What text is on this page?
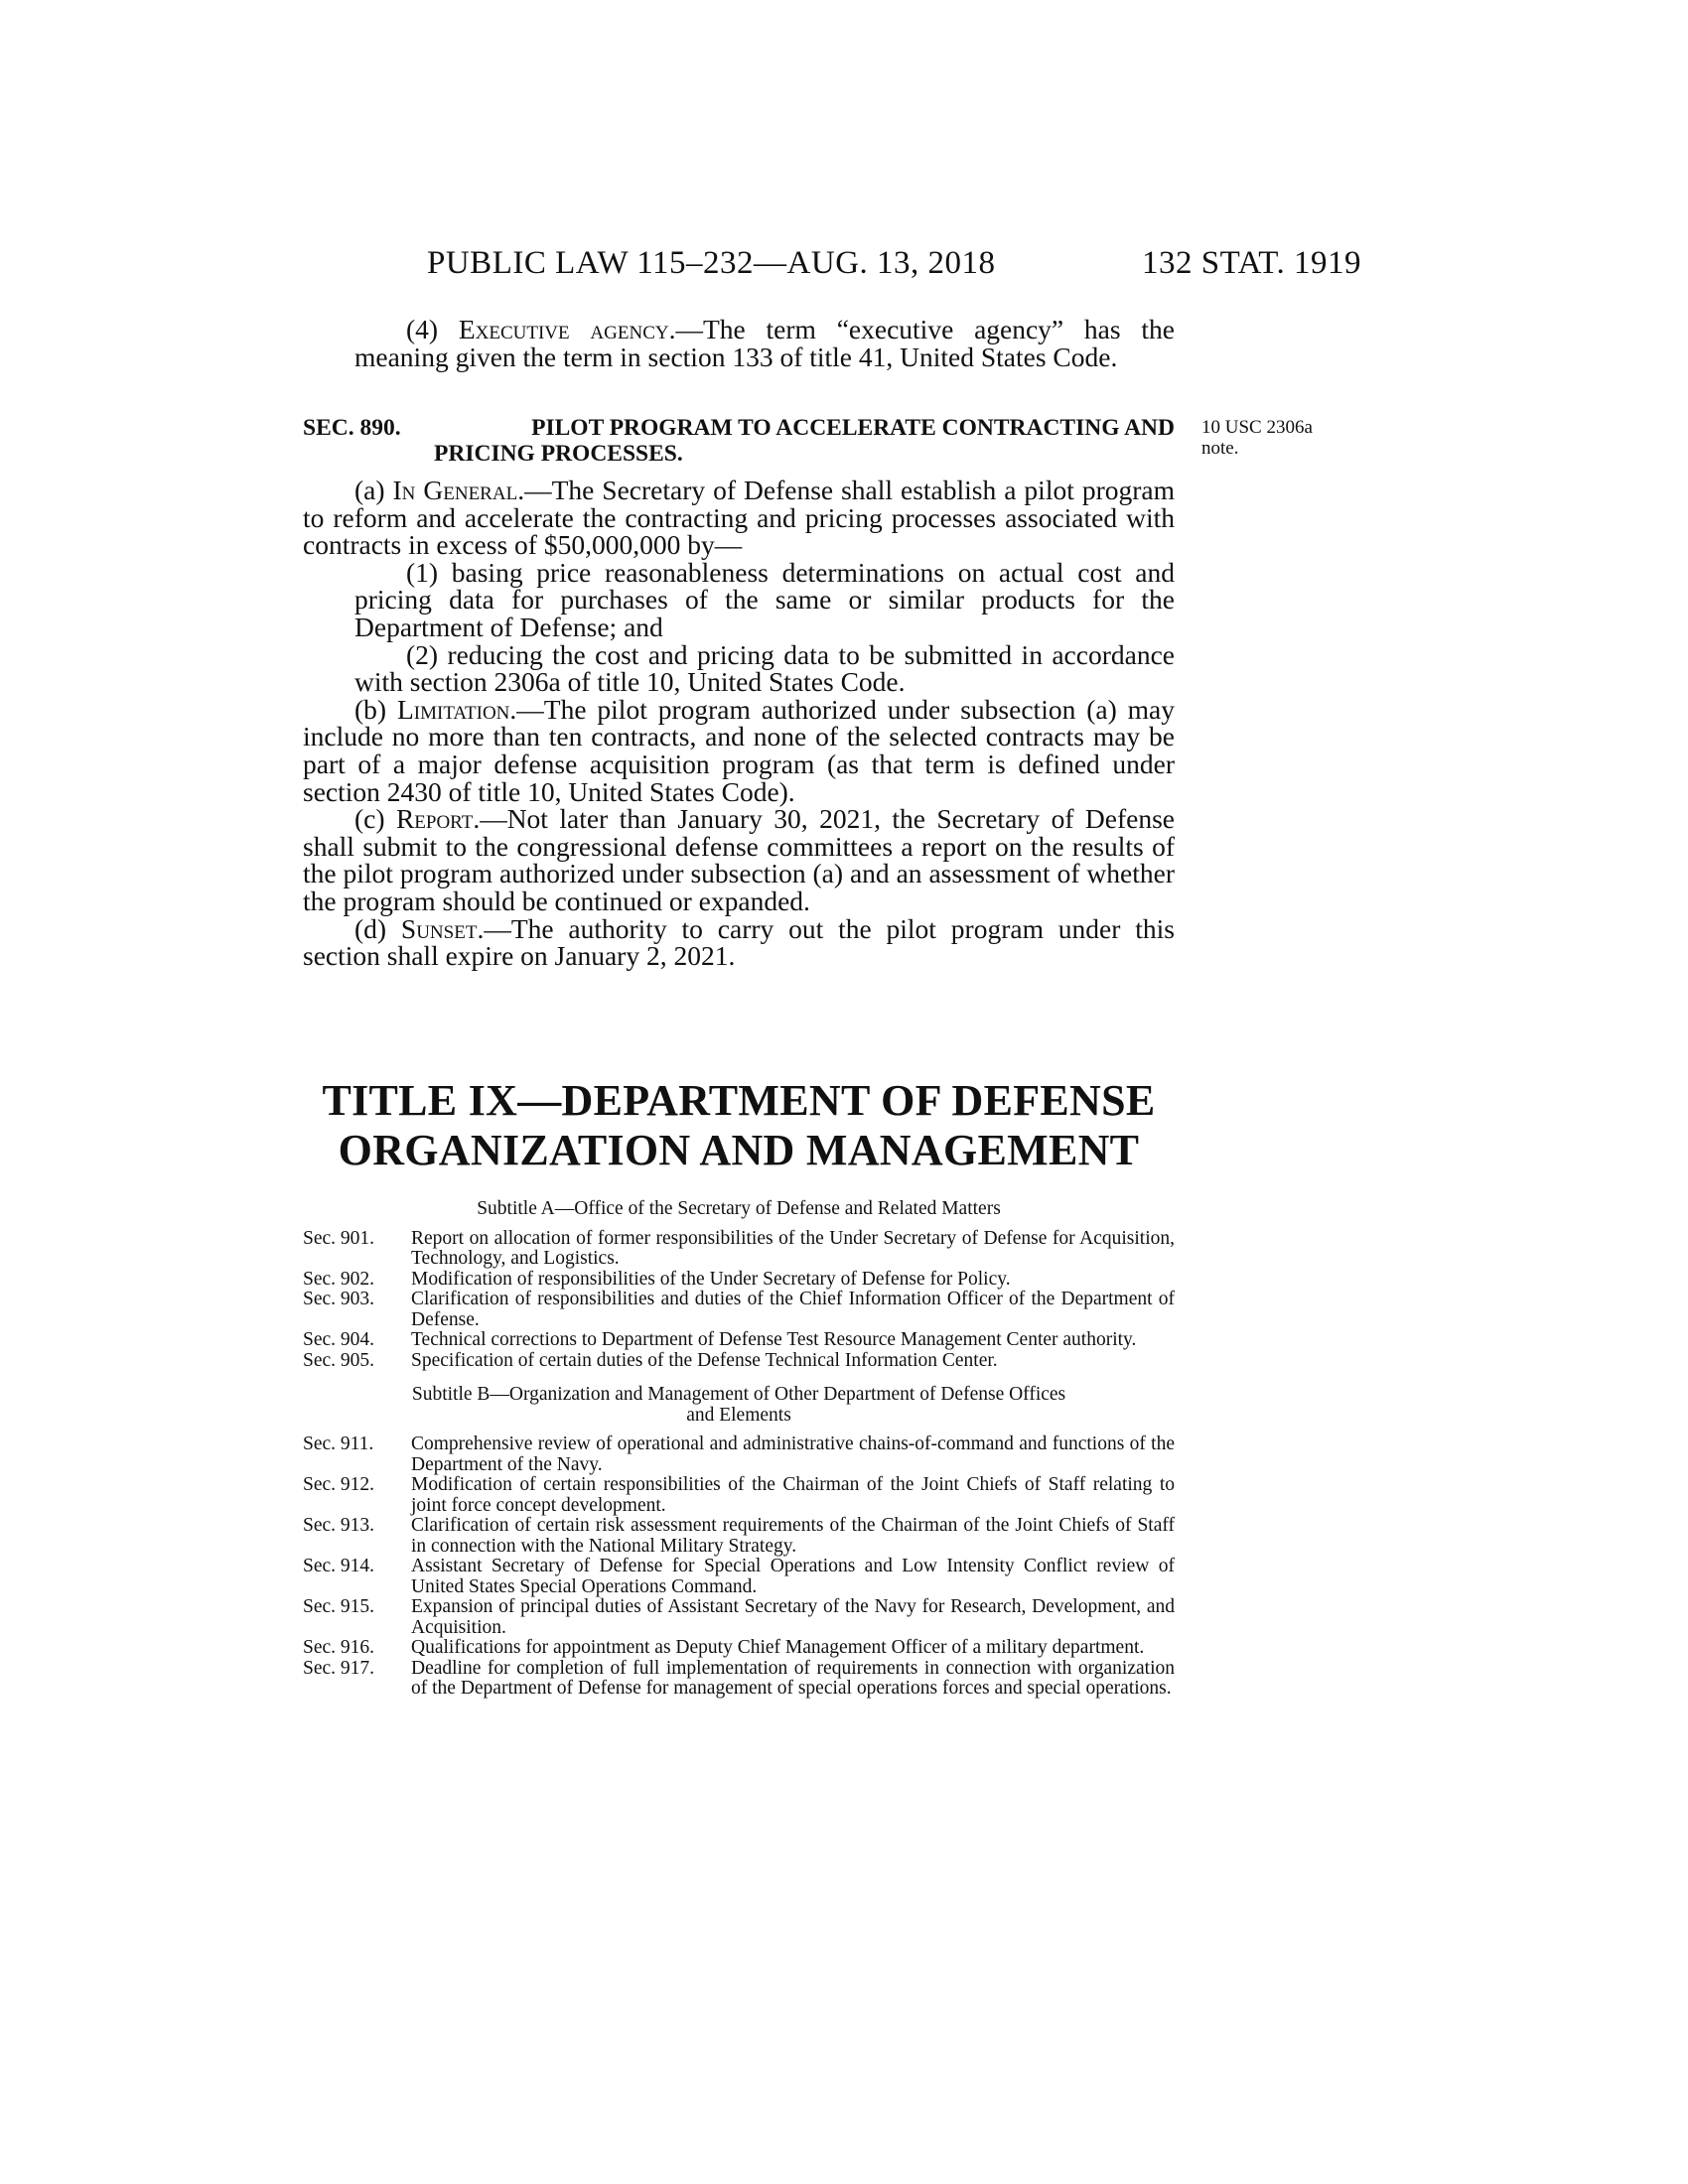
PUBLIC LAW 115–232—AUG. 13, 2018	132 STAT. 1919

(4) Executive agency.—The term “executive agency” has the meaning given the term in section 133 of title 41, United States Code.

SEC. 890.	PILOT PROGRAM TO ACCELERATE CONTRACTING AND
PRICING PROCESSES.
10 USC 2306a note.

(a) In General.—The Secretary of Defense shall establish a pilot program to reform and accelerate the contracting and pricing processes associated with contracts in excess of $50,000,000 by—

(1) basing price reasonableness determinations on actual cost and pricing data for purchases of the same or similar products for the Department of Defense; and

(2) reducing the cost and pricing data to be submitted in accordance with section 2306a of title 10, United States Code.

(b) Limitation.—The pilot program authorized under subsection (a) may include no more than ten contracts, and none of the selected contracts may be part of a major defense acquisition program (as that term is defined under section 2430 of title 10, United States Code).

(c) Report.—Not later than January 30, 2021, the Secretary of Defense shall submit to the congressional defense committees a report on the results of the pilot program authorized under subsection (a) and an assessment of whether the program should be continued or expanded.

(d) Sunset.—The authority to carry out the pilot program under this section shall expire on January 2, 2021.

TITLE IX—DEPARTMENT OF DEFENSE
ORGANIZATION AND MANAGEMENT

Subtitle A—Office of the Secretary of Defense and Related Matters

Sec. 901.	Report on allocation of former responsibilities of the Under Secretary of Defense for Acquisition, Technology, and Logistics.
Sec. 902.	Modification of responsibilities of the Under Secretary of Defense for Policy.
Sec. 903.	Clarification of responsibilities and duties of the Chief Information Officer of the Department of Defense.
Sec. 904.	Technical corrections to Department of Defense Test Resource Management Center authority.
Sec. 905.	Specification of certain duties of the Defense Technical Information Center.

Subtitle B—Organization and Management of Other Department of Defense Offices

and Elements

Sec. 911.	Comprehensive review of operational and administrative chains-of-command and functions of the Department of the Navy.
Sec. 912.	Modification of certain responsibilities of the Chairman of the Joint Chiefs of Staff relating to joint force concept development.
Sec. 913.	Clarification of certain risk assessment requirements of the Chairman of the Joint Chiefs of Staff in connection with the National Military Strategy.
Sec. 914.	Assistant Secretary of Defense for Special Operations and Low Intensity Conflict review of United States Special Operations Command.
Sec. 915.	Expansion of principal duties of Assistant Secretary of the Navy for Research, Development, and Acquisition.
Sec. 916.	Qualifications for appointment as Deputy Chief Management Officer of a military department.
Sec. 917.	Deadline for completion of full implementation of requirements in connection with organization of the Department of Defense for management of special operations forces and special operations.
